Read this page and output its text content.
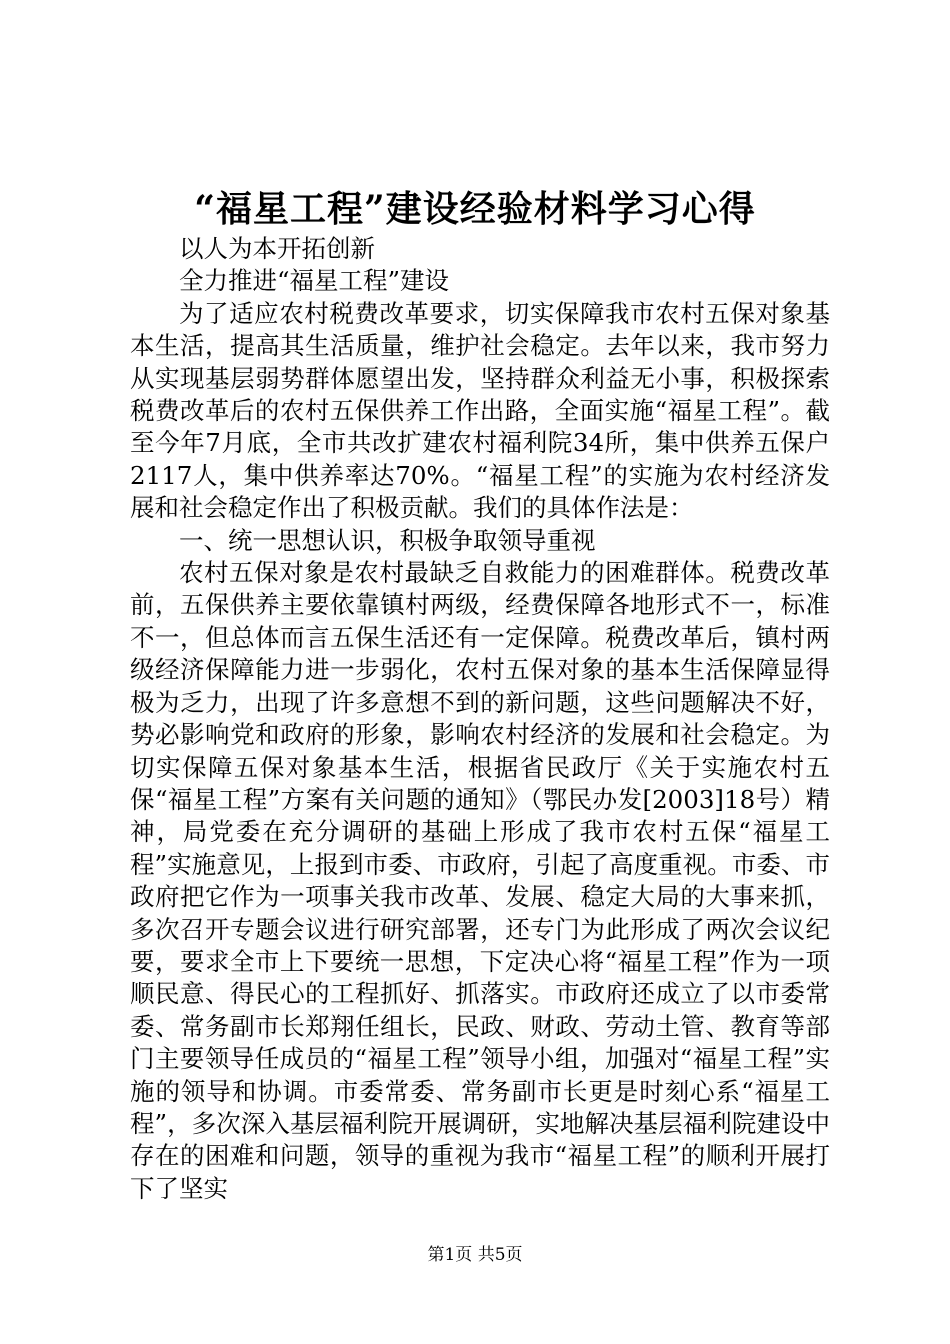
“福星工程”建设经验材料学习心得

以人为本开拓创新

全力推进“福星工程”建设

为了适应农村税费改革要求，切实保障我市农村五保对象基本生活，提高其生活质量，维护社会稳定。去年以来，我市努力从实现基层弱势群体愿望出发，坚持群众利益无小事，积极探索税费改革后的农村五保供养工作出路，全面实施“福星工程”。截至今年7月底，全市共改扩建农村福利院34所，集中供养五保户2117人，集中供养率达70%。“福星工程”的实施为农村经济发展和社会稳定作出了积极贡献。我们的具体作法是：

一、统一思想认识，积极争取领导重视

农村五保对象是农村最缺乏自救能力的困难群体。税费改革前，五保供养主要依靠镇村两级，经费保障各地形式不一，标准不一，但总体而言五保生活还有一定保障。税费改革后，镇村两级经济保障能力进一步弱化，农村五保对象的基本生活保障显得极为乏力，出现了许多意想不到的新问题，这些问题解决不好，势必影响党和政府的形象，影响农村经济的发展和社会稳定。为切实保障五保对象基本生活，根据省民政厅《关于实施农村五保“福星工程”方案有关问题的通知》（鄂民办发[2003]18号）精神，局党委在充分调研的基础上形成了我市农村五保“福星工程”实施意见，上报到市委、市政府，引起了高度重视。市委、市政府把它作为一项事关我市改革、发展、稳定大局的大事来抓，多次召开专题会议进行研究部署，还专门为此形成了两次会议纪要，要求全市上下要统一思想，下定决心将“福星工程”作为一项顺民意、得民心的工程抓好、抓落实。市政府还成立了以市委常委、常务副市长郑翔任组长，民政、财政、劳动土管、教育等部门主要领导任成员的“福星工程”领导小组，加强对“福星工程”实施的领导和协调。市委常委、常务副市长更是时刻心系“福星工程”，多次深入基层福利院开展调研，实地解决基层福利院建设中存在的困难和问题，领导的重视为我市“福星工程”的顺利开展打下了坚实

第1页 共5页
